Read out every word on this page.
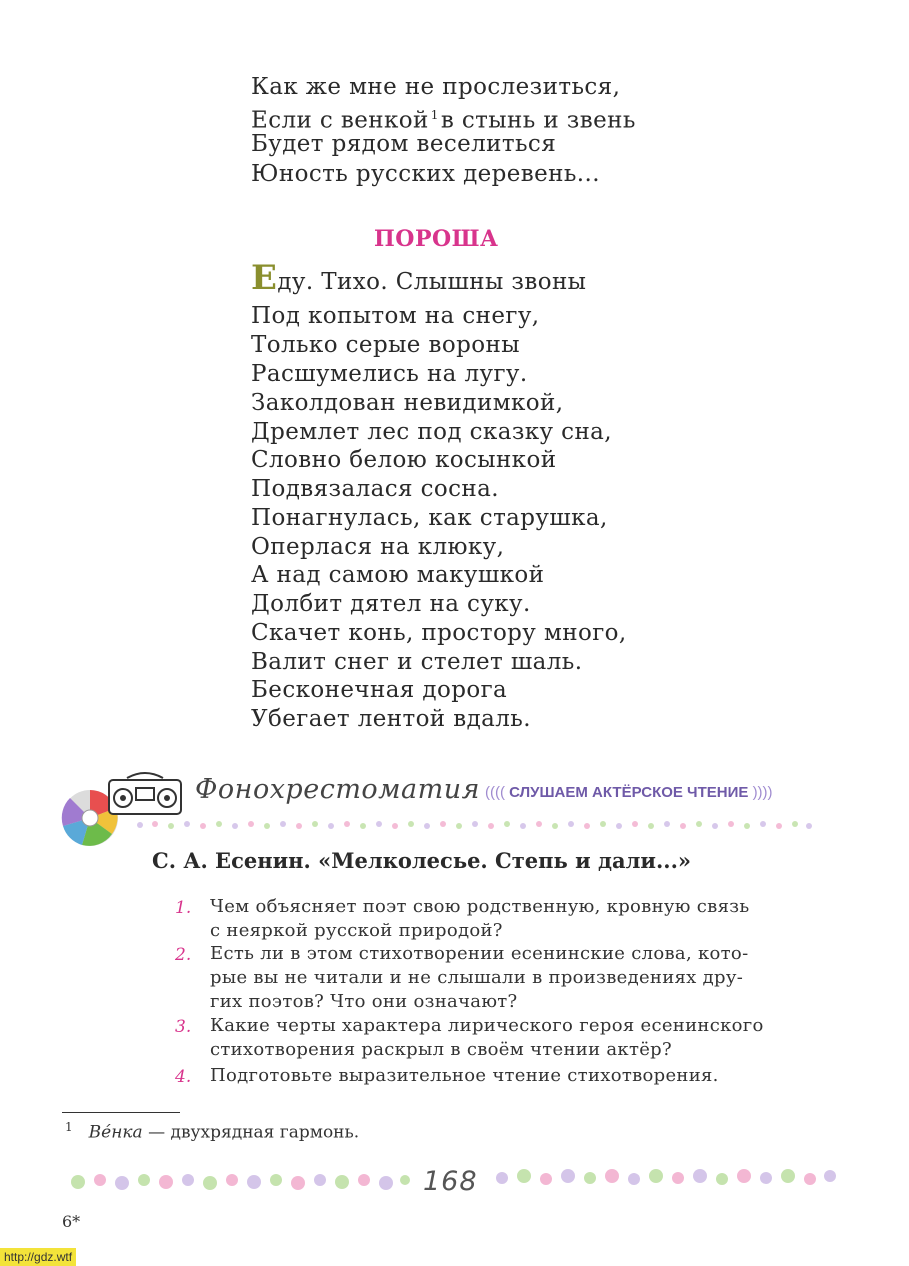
Как же мне не прослезиться,
Если с венкой $^1$в стынь и звень
Будет рядом веселиться
Юность русских деревень...
ПОРОША
Еду. Тихо. Слышны звоны
Под копытом на снегу,
Только серые вороны
Расшумелись на лугу.
Заколдован невидимкой,
Дремлет лес под сказку сна,
Словно белою косынкой
Подвязалася сосна.
Понагнулась, как старушка,
Оперлася на клюку,
А над самою макушкой
Долбит дятел на суку.
Скачет конь, простору много,
Валит снег и стелет шаль.
Бесконечная дорога
Убегает лентой вдаль.
Фонохрестоматия (((( СЛУШАЕМ АКТЁРСКОЕ ЧТЕНИЕ ))))
С. А. Есенин. «Мелколесье. Степь и дали...»
1. Чем объясняет поэт свою родственную, кровную связь
с неяркой русской природой?
2. Есть ли в этом стихотворении есенинские слова, кото-
рые вы не читали и не слышали в произведениях дру-
гих поэтов? Что они означают?
3. Какие черты характера лирического героя есенинского
стихотворения раскрыл в своём чтении актёр?
4. Подготовьте выразительное чтение стихотворения.
$^1$ Ве́нка — двухрядная гармонь.
168
6*
http://gdz.wtf
